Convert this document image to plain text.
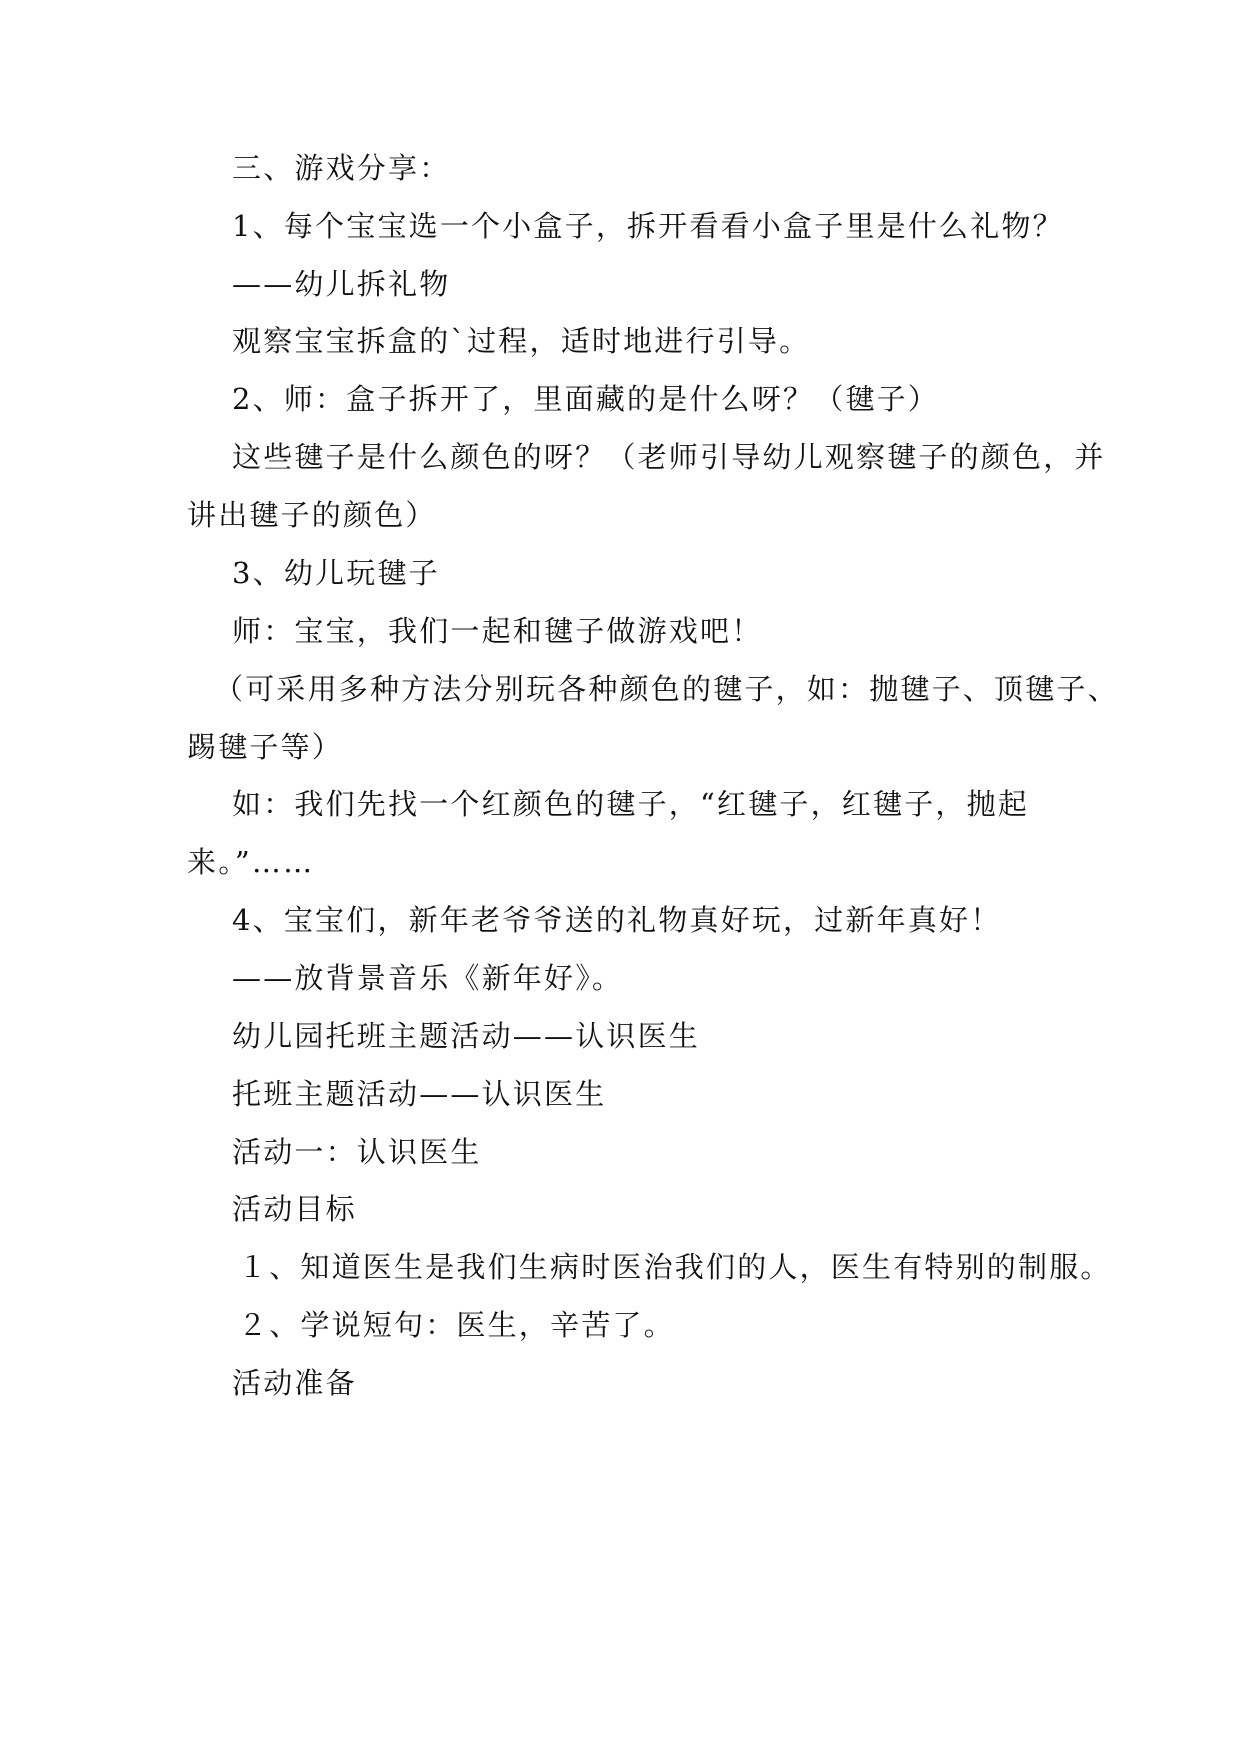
三、游戏分享：

1、每个宝宝选一个小盒子，拆开看看小盒子里是什么礼物？

——幼儿拆礼物

观察宝宝拆盒的`过程，适时地进行引导。

2、师：盒子拆开了，里面藏的是什么呀？（毽子）

这些毽子是什么颜色的呀？（老师引导幼儿观察毽子的颜色，并

讲出毽子的颜色）

3、幼儿玩毽子

师：宝宝，我们一起和毽子做游戏吧！

（可采用多种方法分别玩各种颜色的毽子，如：抛毽子、顶毽子、

踢毽子等）

如：我们先找一个红颜色的毽子，“红毽子，红毽子，抛起

来。”……

4、宝宝们，新年老爷爷送的礼物真好玩，过新年真好！

——放背景音乐《新年好》。

幼儿园托班主题活动——认识医生

托班主题活动——认识医生

活动一：认识医生

活动目标

１、知道医生是我们生病时医治我们的人，医生有特别的制服。

２、学说短句：医生，辛苦了。

活动准备
